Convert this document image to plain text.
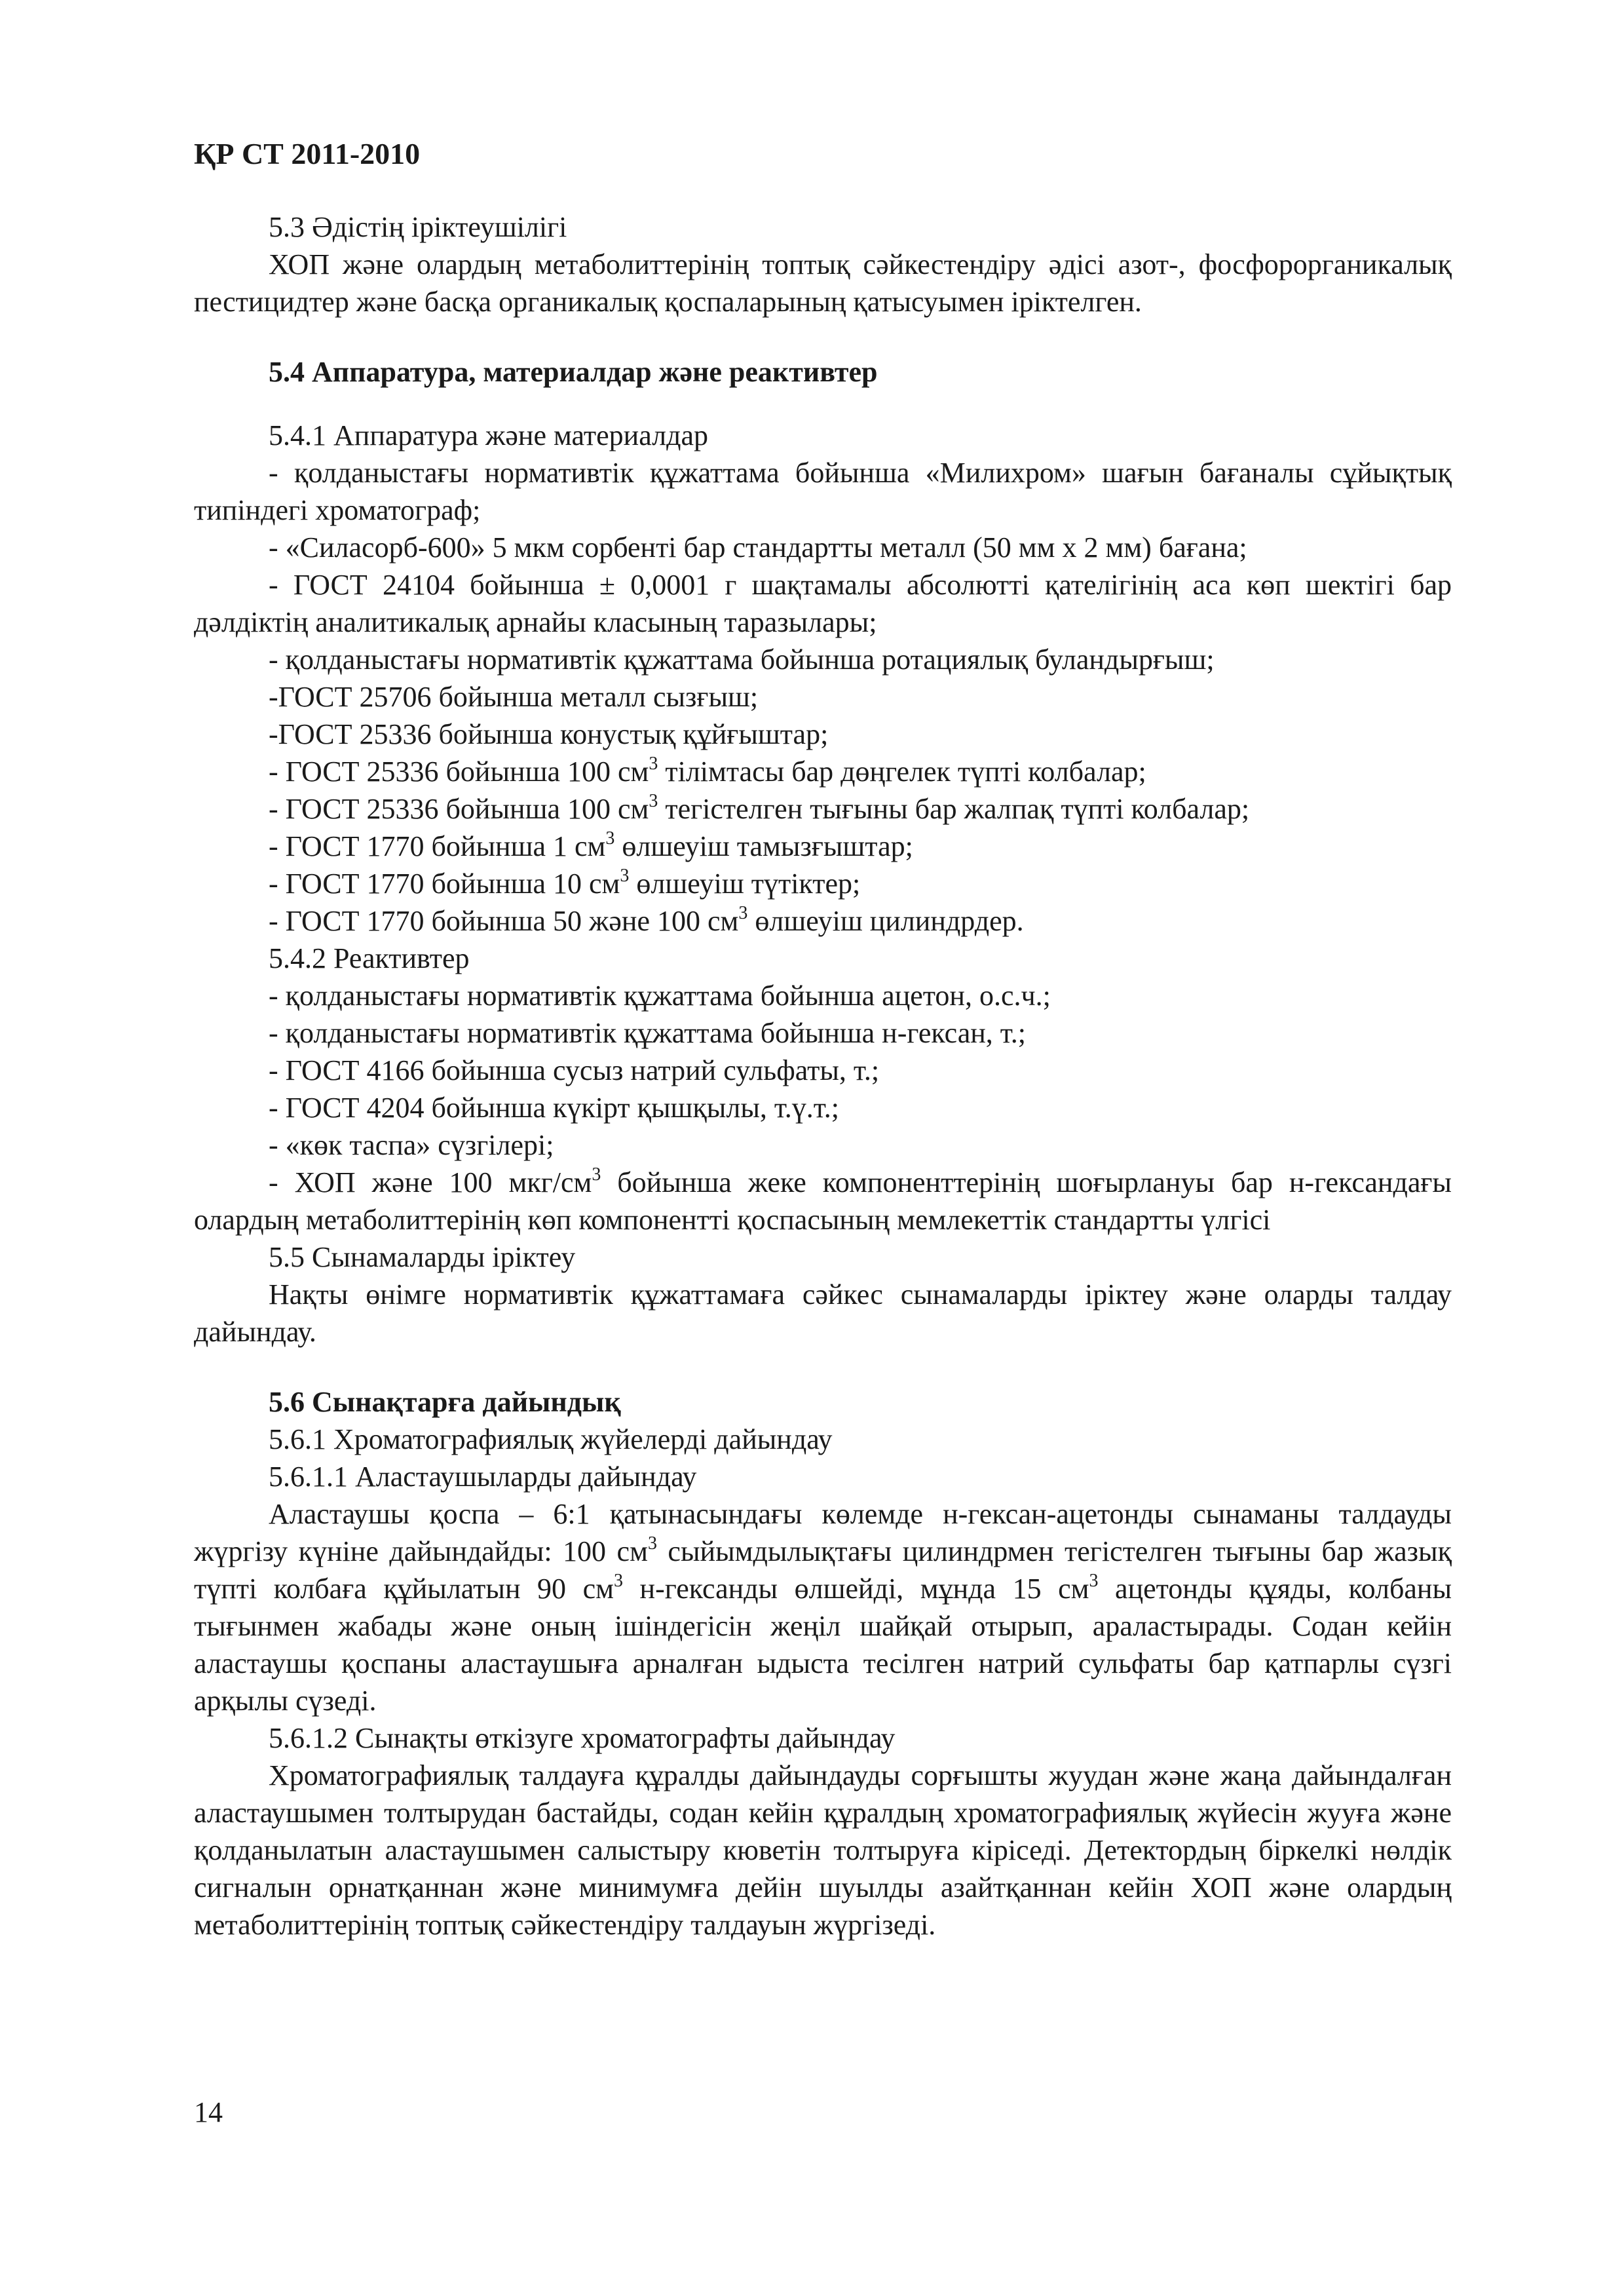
ҚР СТ 2011-2010

5.3 Әдістің іріктеушілігі

ХОП және олардың метаболиттерінің топтық сәйкестендіру әдісі азот-, фосфорорганикалық пестицидтер және басқа органикалық қоспаларының қатысуымен іріктелген.

5.4 Аппаратура, материалдар және реактивтер

5.4.1 Аппаратура және материалдар

- қолданыстағы нормативтік құжаттама бойынша «Милихром» шағын бағаналы сұйықтық типіндегі хроматограф;

- «Силасорб-600» 5 мкм сорбенті бар стандартты металл (50 мм x 2 мм) бағана;

- ГОСТ 24104 бойынша ± 0,0001 г шақтамалы абсолютті қателігінің аса көп шектігі бар дәлдіктің аналитикалық арнайы класының таразылары;

- қолданыстағы нормативтік құжаттама бойынша ротациялық буландырғыш;

-ГОСТ 25706 бойынша металл сызғыш;

-ГОСТ 25336 бойынша конустық құйғыштар;

- ГОСТ 25336 бойынша 100 $см^3$ тілімтасы бар дөңгелек түпті колбалар;

- ГОСТ 25336 бойынша 100 $см^3$ тегістелген тығыны бар жалпақ түпті колбалар;

- ГОСТ 1770 бойынша 1 $см^3$ өлшеуіш тамызғыштар;

- ГОСТ 1770 бойынша 10 $см^3$ өлшеуіш түтіктер;

- ГОСТ 1770 бойынша 50 және 100 $см^3$ өлшеуіш цилиндрдер.

5.4.2 Реактивтер

- қолданыстағы нормативтік құжаттама бойынша ацетон, о.с.ч.;

- қолданыстағы нормативтік құжаттама бойынша н-гексан, т.;

- ГОСТ 4166 бойынша сусыз натрий сульфаты, т.;

- ГОСТ 4204 бойынша күкірт қышқылы, т.ү.т.;

- «көк таспа» сүзгілері;

- ХОП және 100 мкг/$см^3$ бойынша жеке компоненттерінің шоғырлануы бар н-гександағы олардың метаболиттерінің көп компонентті қоспасының мемлекеттік стандартты үлгісі

5.5 Сынамаларды іріктеу

Нақты өнімге нормативтік құжаттамаға сәйкес сынамаларды іріктеу және оларды талдау дайындау.

5.6 Сынақтарға дайындық

5.6.1 Хроматографиялық жүйелерді дайындау

5.6.1.1 Аластаушыларды дайындау

Аластаушы қоспа – 6:1 қатынасындағы көлемде н-гексан-ацетонды сынаманы талдауды жүргізу күніне дайындайды: 100 $см^3$ сыйымдылықтағы цилиндрмен тегістелген тығыны бар жазық түпті колбаға құйылатын 90 $см^3$ н-гександы өлшейді, мұнда 15 $см^3$ ацетонды құяды, колбаны тығынмен жабады және оның ішіндегісін жеңіл шайқай отырып, араластырады. Содан кейін аластаушы қоспаны аластаушыға арналған ыдыста тесілген натрий сульфаты бар қатпарлы сүзгі арқылы сүзеді.

5.6.1.2 Сынақты өткізуге хроматографты дайындау

Хроматографиялық талдауға құралды дайындауды сорғышты жуудан және жаңа дайындалған аластаушымен толтырудан бастайды, содан кейін құралдың хроматографиялық жүйесін жууға және қолданылатын аластаушымен салыстыру кюветін толтыруға кіріседі. Детектордың біркелкі нөлдік сигналын орнатқаннан және минимумға дейін шуылды азайтқаннан кейін ХОП және олардың метаболиттерінің топтық сәйкестендіру талдауын жүргізеді.

14
